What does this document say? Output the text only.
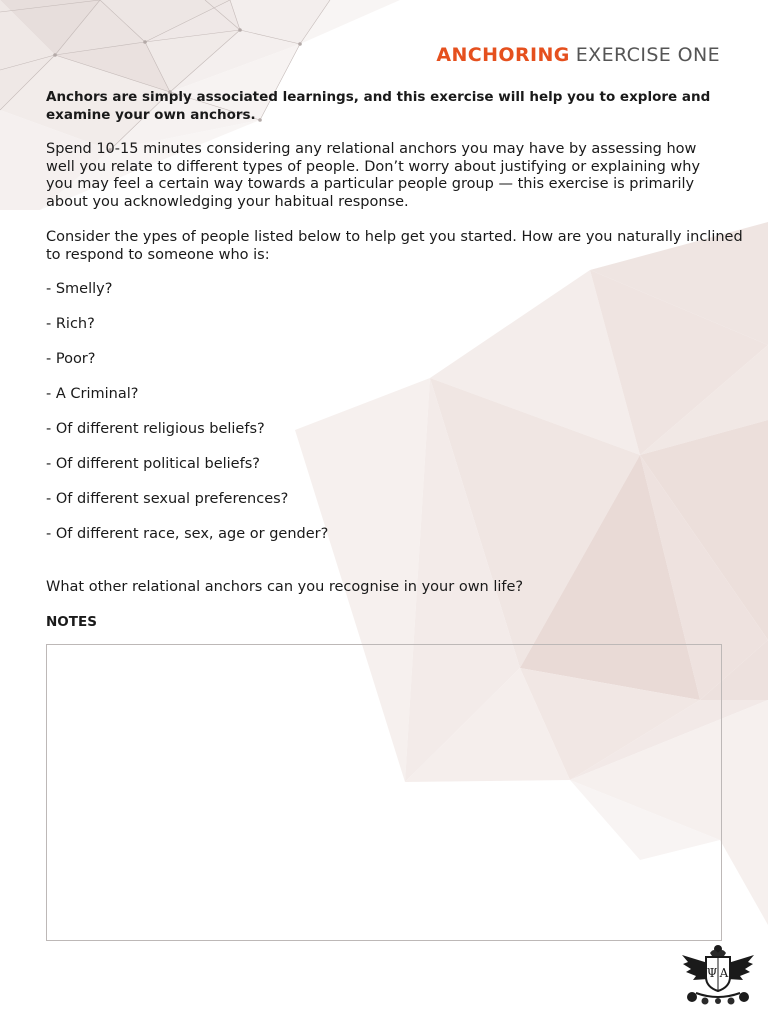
ANCHORING EXERCISE ONE
Anchors are simply associated learnings, and this exercise will help you to explore and examine your own anchors.
Spend 10-15 minutes considering any relational anchors you may have by assessing how well you relate to different types of people. Don’t worry about justifying or explaining why you may feel a certain way towards a particular people group — this exercise is primarily about you acknowledging your habitual response.
Consider the ypes of people listed below to help get you started. How are you naturally inclined to respond to someone who is:
- Smelly?
- Rich?
- Poor?
- A Criminal?
- Of different religious beliefs?
- Of different political beliefs?
- Of different sexual preferences?
- Of different race, sex, age or gender?
What other relational anchors can you recognise in your own life?
NOTES
Ψ A
